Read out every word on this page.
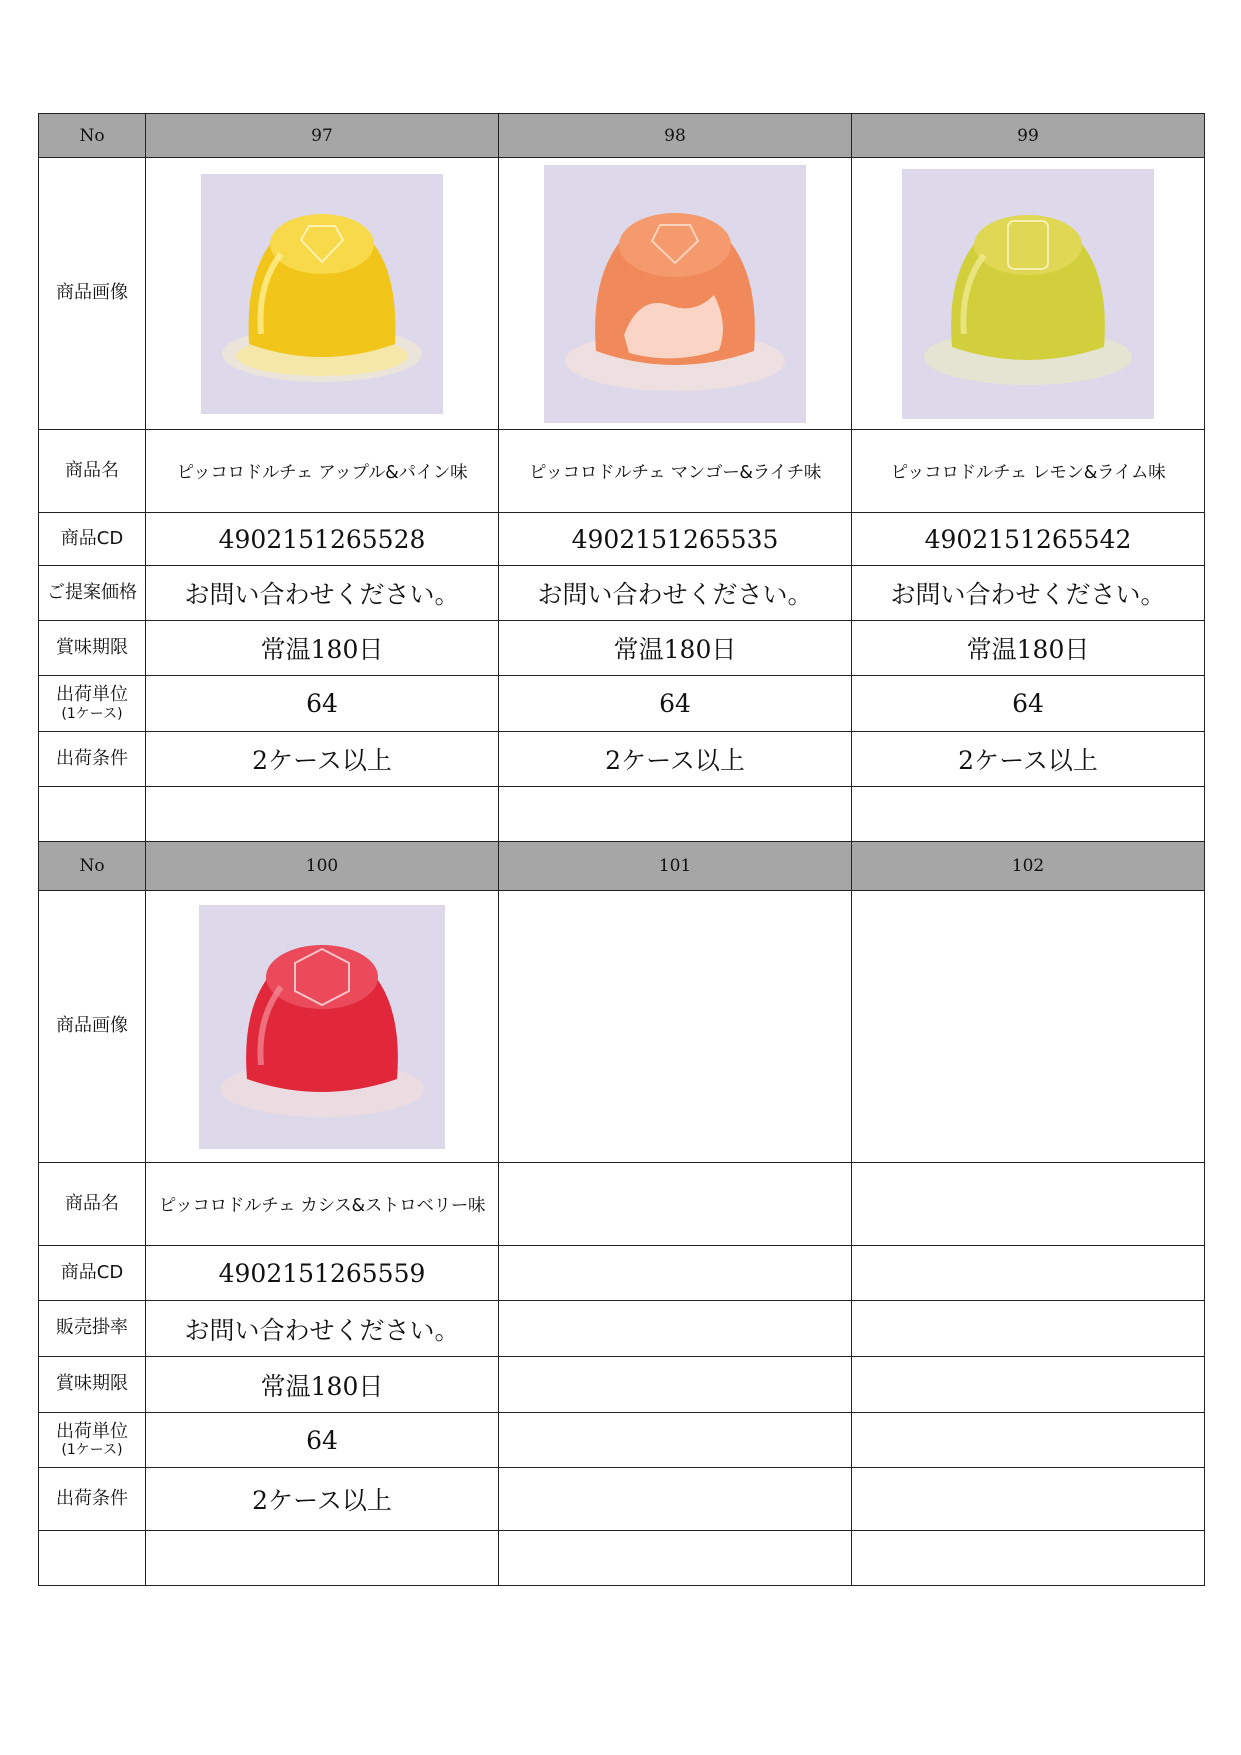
No	97	98	99
商品画像	

商品名	ピッコロドルチェ アップル&パイン味	ピッコロドルチェ マンゴー&ライチ味	ピッコロドルチェ レモン&ライム味
商品CD	4902151265528	4902151265535	4902151265542
ご提案価格	お問い合わせください。	お問い合わせください。	お問い合わせください。
賞味期限	常温180日	常温180日	常温180日
出荷単位
(1ケース)	64	64	64
出荷条件	2ケース以上	2ケース以上	2ケース以上

No	100	101	102
商品画像	

商品名	ピッコロドルチェ カシス&ストロベリー味		
商品CD	4902151265559		
販売掛率	お問い合わせください。		
賞味期限	常温180日		
出荷単位
(1ケース)	64		
出荷条件	2ケース以上		
